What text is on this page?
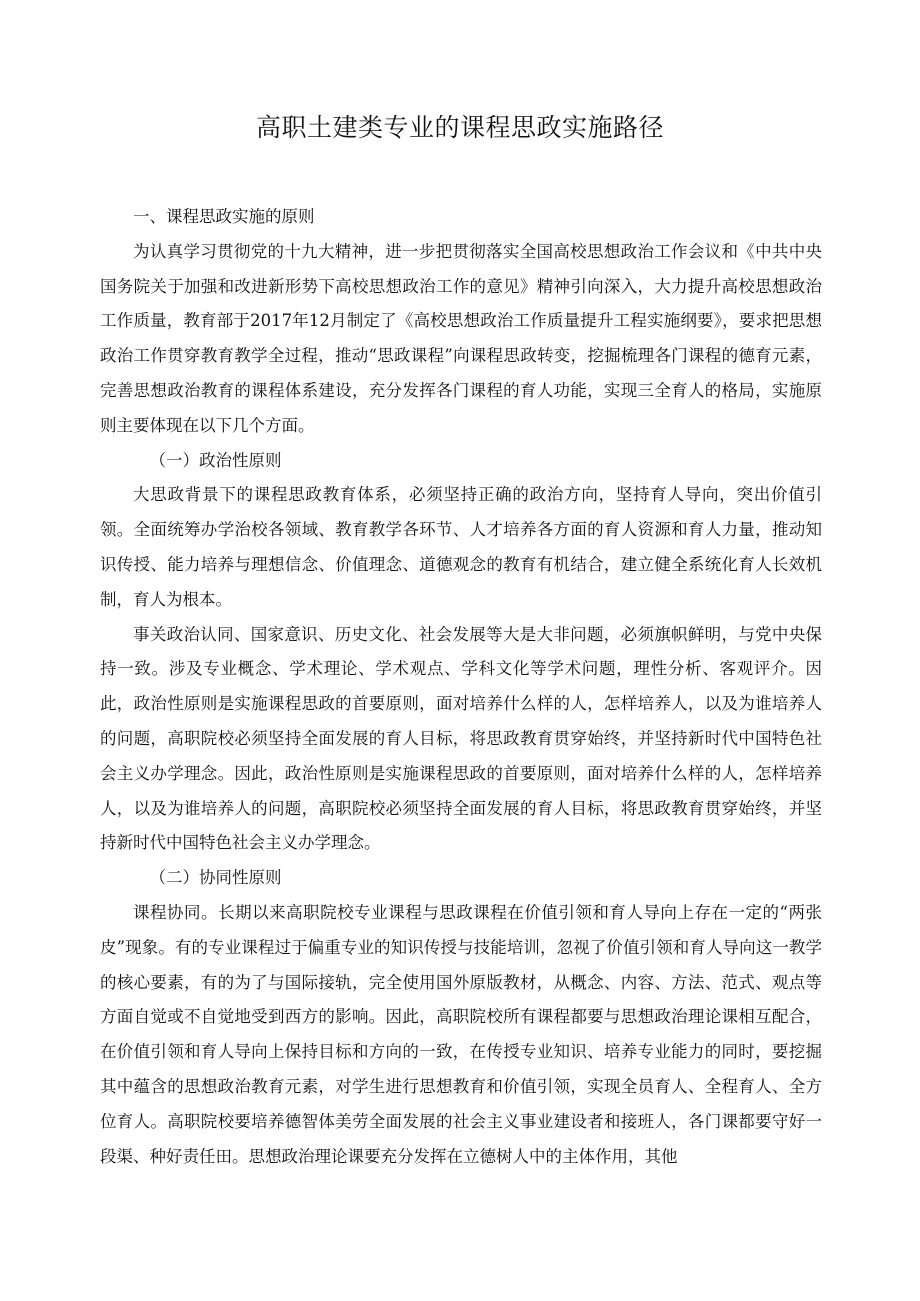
高职土建类专业的课程思政实施路径

一、课程思政实施的原则

为认真学习贯彻党的十九大精神，进一步把贯彻落实全国高校思想政治工作会议和《中共中央国务院关于加强和改进新形势下高校思想政治工作的意见》精神引向深入，大力提升高校思想政治工作质量，教育部于2017年12月制定了《高校思想政治工作质量提升工程实施纲要》，要求把思想政治工作贯穿教育教学全过程，推动“思政课程”向课程思政转变，挖掘梳理各门课程的德育元素，完善思想政治教育的课程体系建设，充分发挥各门课程的育人功能，实现三全育人的格局，实施原则主要体现在以下几个方面。

（一）政治性原则

大思政背景下的课程思政教育体系，必须坚持正确的政治方向，坚持育人导向，突出价值引领。全面统筹办学治校各领域、教育教学各环节、人才培养各方面的育人资源和育人力量，推动知识传授、能力培养与理想信念、价值理念、道德观念的教育有机结合，建立健全系统化育人长效机制，育人为根本。

事关政治认同、国家意识、历史文化、社会发展等大是大非问题，必须旗帜鲜明，与党中央保持一致。涉及专业概念、学术理论、学术观点、学科文化等学术问题，理性分析、客观评介。因此，政治性原则是实施课程思政的首要原则，面对培养什么样的人，怎样培养人，以及为谁培养人的问题，高职院校必须坚持全面发展的育人目标，将思政教育贯穿始终，并坚持新时代中国特色社会主义办学理念。因此，政治性原则是实施课程思政的首要原则，面对培养什么样的人，怎样培养人，以及为谁培养人的问题，高职院校必须坚持全面发展的育人目标，将思政教育贯穿始终，并坚持新时代中国特色社会主义办学理念。

（二）协同性原则

课程协同。长期以来高职院校专业课程与思政课程在价值引领和育人导向上存在一定的“两张皮”现象。有的专业课程过于偏重专业的知识传授与技能培训，忽视了价值引领和育人导向这一教学的核心要素，有的为了与国际接轨，完全使用国外原版教材，从概念、内容、方法、范式、观点等方面自觉或不自觉地受到西方的影响。因此，高职院校所有课程都要与思想政治理论课相互配合，在价值引领和育人导向上保持目标和方向的一致，在传授专业知识、培养专业能力的同时，要挖掘其中蕴含的思想政治教育元素，对学生进行思想教育和价值引领，实现全员育人、全程育人、全方位育人。高职院校要培养德智体美劳全面发展的社会主义事业建设者和接班人，各门课都要守好一段渠、种好责任田。思想政治理论课要充分发挥在立德树人中的主体作用，其他
